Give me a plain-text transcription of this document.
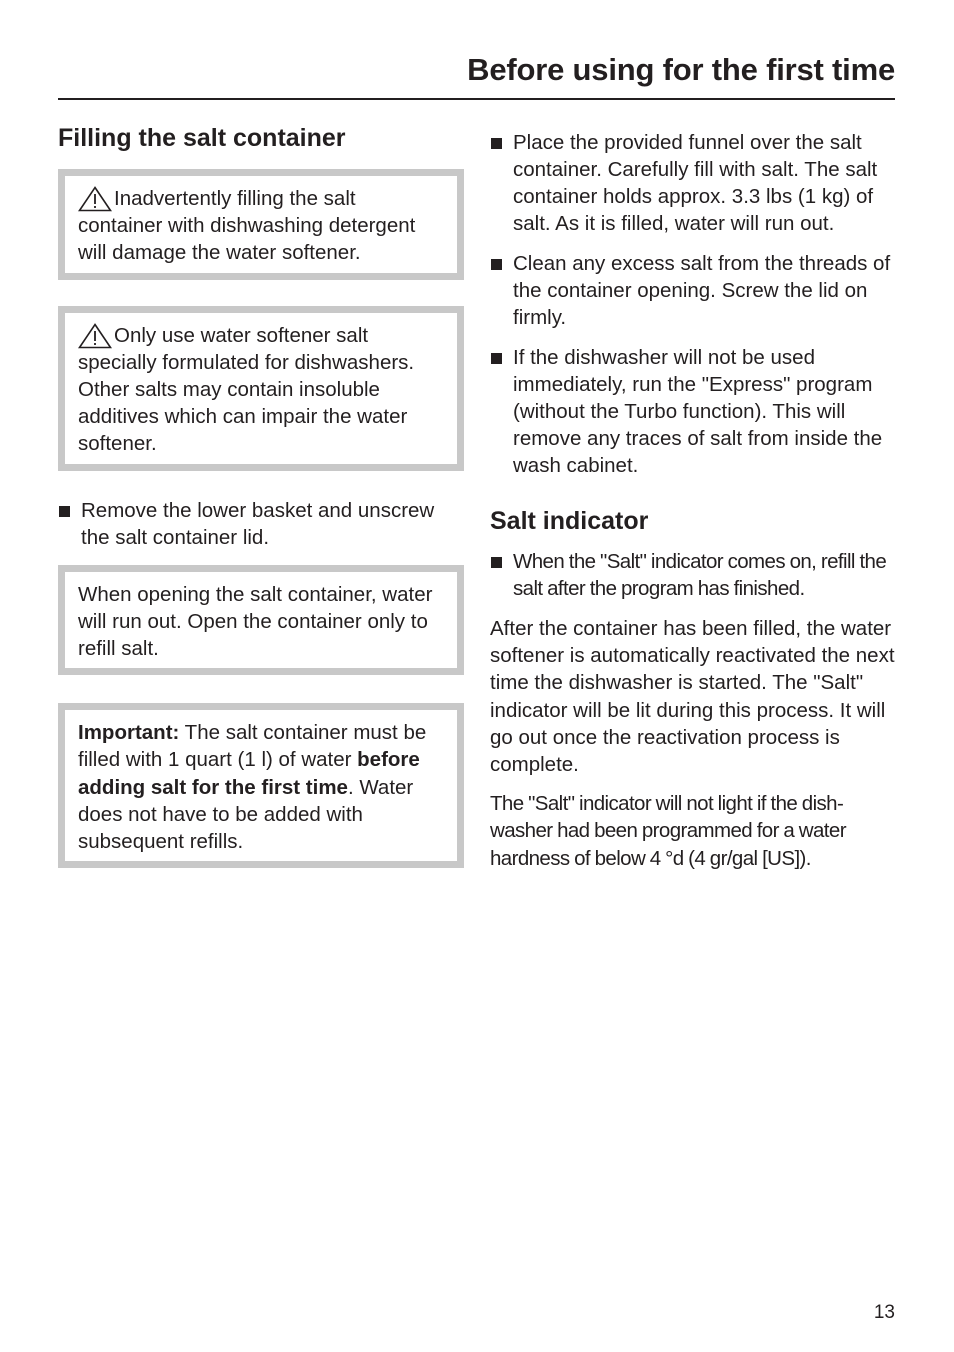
Before using for the first time
Filling the salt container
Inadvertently filling the salt container with dishwashing detergent will damage the water softener.
Only use water softener salt specially formulated for dishwashers. Other salts may contain insoluble additives which can impair the water softener.
Remove the lower basket and unscrew the salt container lid.
When opening the salt container, water will run out. Open the container only to refill salt.
Important: The salt container must be filled with 1 quart (1 l) of water before adding salt for the first time. Water does not have to be added with subsequent refills.
Place the provided funnel over the salt container. Carefully fill with salt. The salt container holds approx. 3.3 lbs (1 kg) of salt. As it is filled, water will run out.
Clean any excess salt from the threads of the container opening. Screw the lid on firmly.
If the dishwasher will not be used immediately, run the "Express" program (without the Turbo function). This will remove any traces of salt from inside the wash cabinet.
Salt indicator
When the "Salt" indicator comes on, refill the salt after the program has finished.

After the container has been filled, the water softener is automatically reactivated the next time the dishwasher is started. The "Salt" indicator will be lit during this process. It will go out once the reactivation process is complete.

The "Salt" indicator will not light if the dish-washer had been programmed for a water hardness of below 4 °d (4 gr/gal [US]).

13
